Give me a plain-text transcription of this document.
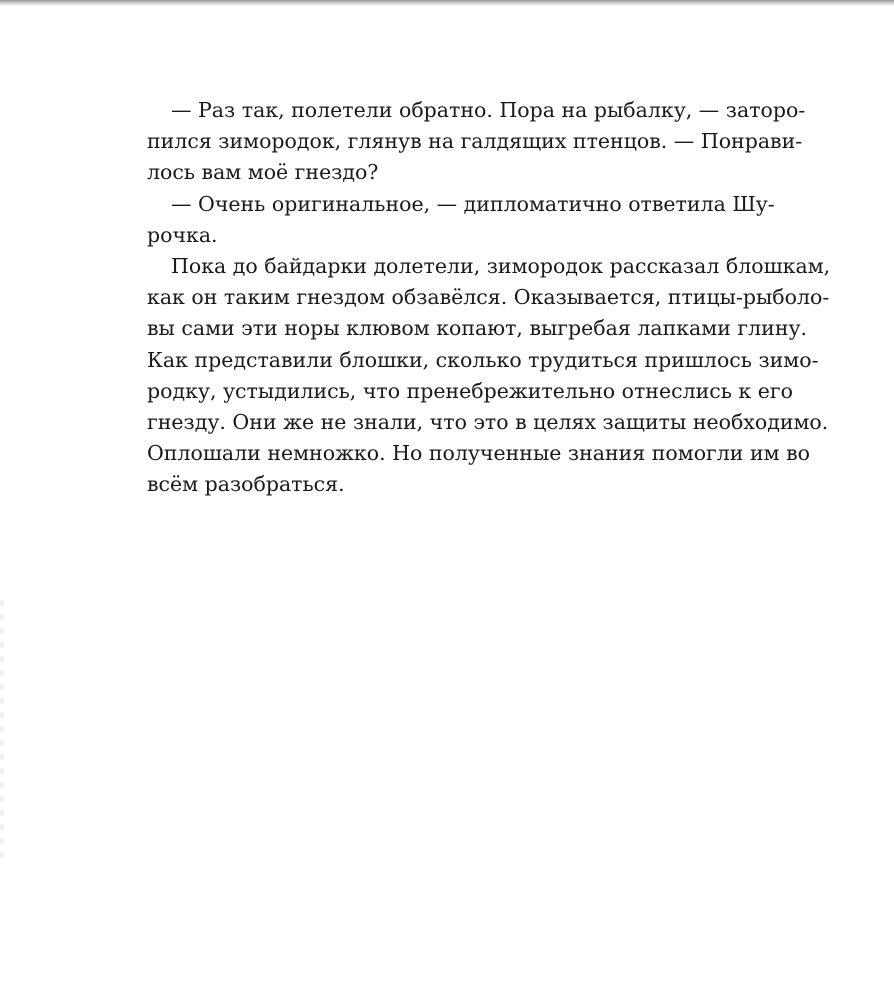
— Раз так, полетели обратно. Пора на рыбалку, — заторо-
пился зимородок, глянув на галдящих птенцов. — Понрави-
лось вам моё гнездо?
— Очень оригинальное, — дипломатично ответила Шу-
рочка.
Пока до байдарки долетели, зимородок рассказал блошкам,
как он таким гнездом обзавёлся. Оказывается, птицы-рыболо-
вы сами эти норы клювом копают, выгребая лапками глину.
Как представили блошки, сколько трудиться пришлось зимо-
родку, устыдились, что пренебрежительно отнеслись к его
гнезду. Они же не знали, что это в целях защиты необходимо.
Оплошали немножко. Но полученные знания помогли им во
всём разобраться.
